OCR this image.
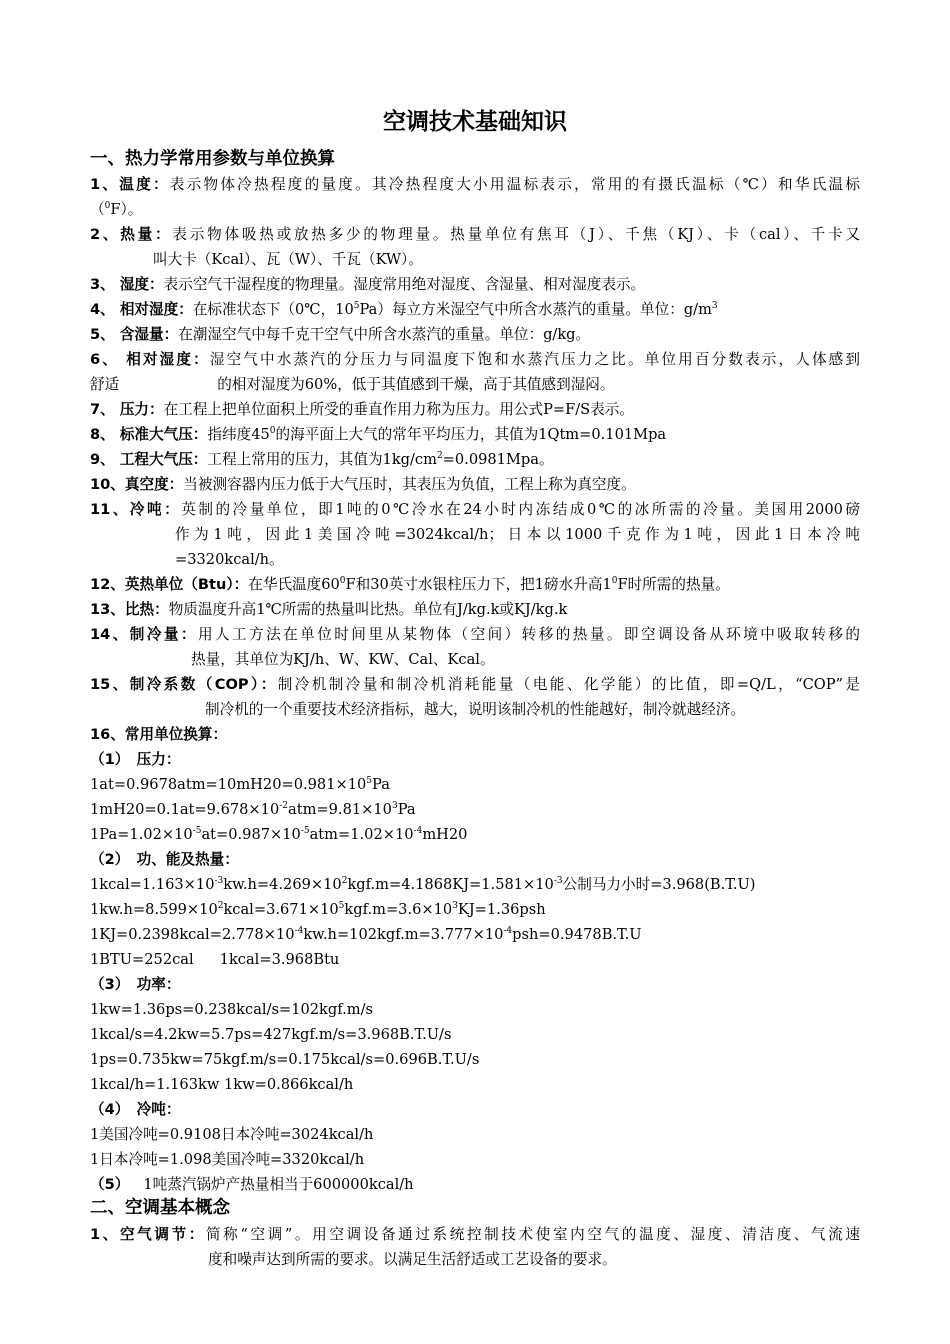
空调技术基础知识
一、热力学常用参数与单位换算
1、温度：表示物体冷热程度的量度。其冷热程度大小用温标表示，常用的有摄氏温标（℃）和华氏温标
（$^0$F）。
2、热量：表示物体吸热或放热多少的物理量。热量单位有焦耳（J）、千焦（KJ）、卡（cal）、千卡又
叫大卡（Kcal）、瓦（W）、千瓦（KW）。
3、 湿度：表示空气干湿程度的物理量。湿度常用绝对湿度、含湿量、相对湿度表示。
4、 相对湿度：在标准状态下（0℃，$10^5Pa$）每立方米湿空气中所含水蒸汽的重量。单位：$g/m^3$
5、 含湿量：在潮湿空气中每千克干空气中所含水蒸汽的重量。单位：g/kg。
6、 相对湿度：湿空气中水蒸汽的分压力与同温度下饱和水蒸汽压力之比。单位用百分数表示，人体感到
舒适	的相对湿度为60%，低于其值感到干燥，高于其值感到湿闷。
7、 压力：在工程上把单位面积上所受的垂直作用力称为压力。用公式P=F/S表示。
8、 标准大气压：指纬度$45^0$的海平面上大气的常年平均压力，其值为1Qtm=0.101Mpa
9、 工程大气压：工程上常用的压力，其值为$1kg/cm^2=0.0981Mpa$。
10、真空度：当被测容器内压力低于大气压时，其表压为负值，工程上称为真空度。
11、冷吨：英制的冷量单位，即1吨的0℃冷水在24小时内冻结成0℃的冰所需的冷量。美国用2000磅
作为1吨，因此1美国冷吨=3024kcal/h；日本以1000千克作为1吨，因此1日本冷吨
=3320kcal/h。
12、英热单位（Btu）：在华氏温度$60^0F$和30英寸水银柱压力下，把1磅水升高$1^0F$时所需的热量。
13、比热：物质温度升高1℃所需的热量叫比热。单位有J/kg.k或KJ/kg.k
14、制冷量：用人工方法在单位时间里从某物体（空间）转移的热量。即空调设备从环境中吸取转移的
热量，其单位为KJ/h、W、KW、Cal、Kcal。
15、制冷系数（COP）：制冷机制冷量和制冷机消耗能量（电能、化学能）的比值，即=Q/L，“COP”是
制冷机的一个重要技术经济指标，越大，说明该制冷机的性能越好，制冷就越经济。
16、常用单位换算：
（1）　压力：
$1at=0.9678atm=10mH20=0.981\times 10^5Pa$
$1mH20=0.1at=9.678\times 10^{-2}atm=9.81\times 10^3Pa$
$1Pa=1.02\times 10^{-5}at=0.987\times 10^{-5}atm=1.02\times 10^{-4}mH20$
（2）　功、能及热量：
$1kcal=1.163\times 10^{-3}kw.h=4.269\times 10^2kgf.m=4.1868KJ=1.581\times 10^{-3}$公制马力小时=3.968(B.T.U)
$1kw.h=8.599\times 10^2kcal=3.671\times 10^5kgf.m=3.6\times 10^3KJ=1.36psh$
$1KJ=0.2398kcal=2.778\times 10^{-4}kw.h=102kgf.m=3.777\times 10^{-4}psh=0.9478B.T.U$
1BTU=252cal 1kcal=3.968Btu
（3）　功率：
1kw=1.36ps=0.238kcal/s=102kgf.m/s
1kcal/s=4.2kw=5.7ps=427kgf.m/s=3.968B.T.U/s
1ps=0.735kw=75kgf.m/s=0.175kcal/s=0.696B.T.U/s
1kcal/h=1.163kw 1kw=0.866kcal/h
（4）　冷吨：
1美国冷吨=0.9108日本冷吨=3024kcal/h
1日本冷吨=1.098美国冷吨=3320kcal/h
（5） 1吨蒸汽锅炉产热量相当于600000kcal/h
二、空调基本概念
1、空气调节：简称“空调”。用空调设备通过系统控制技术使室内空气的温度、湿度、清洁度、气流速
度和噪声达到所需的要求。以满足生活舒适或工艺设备的要求。
